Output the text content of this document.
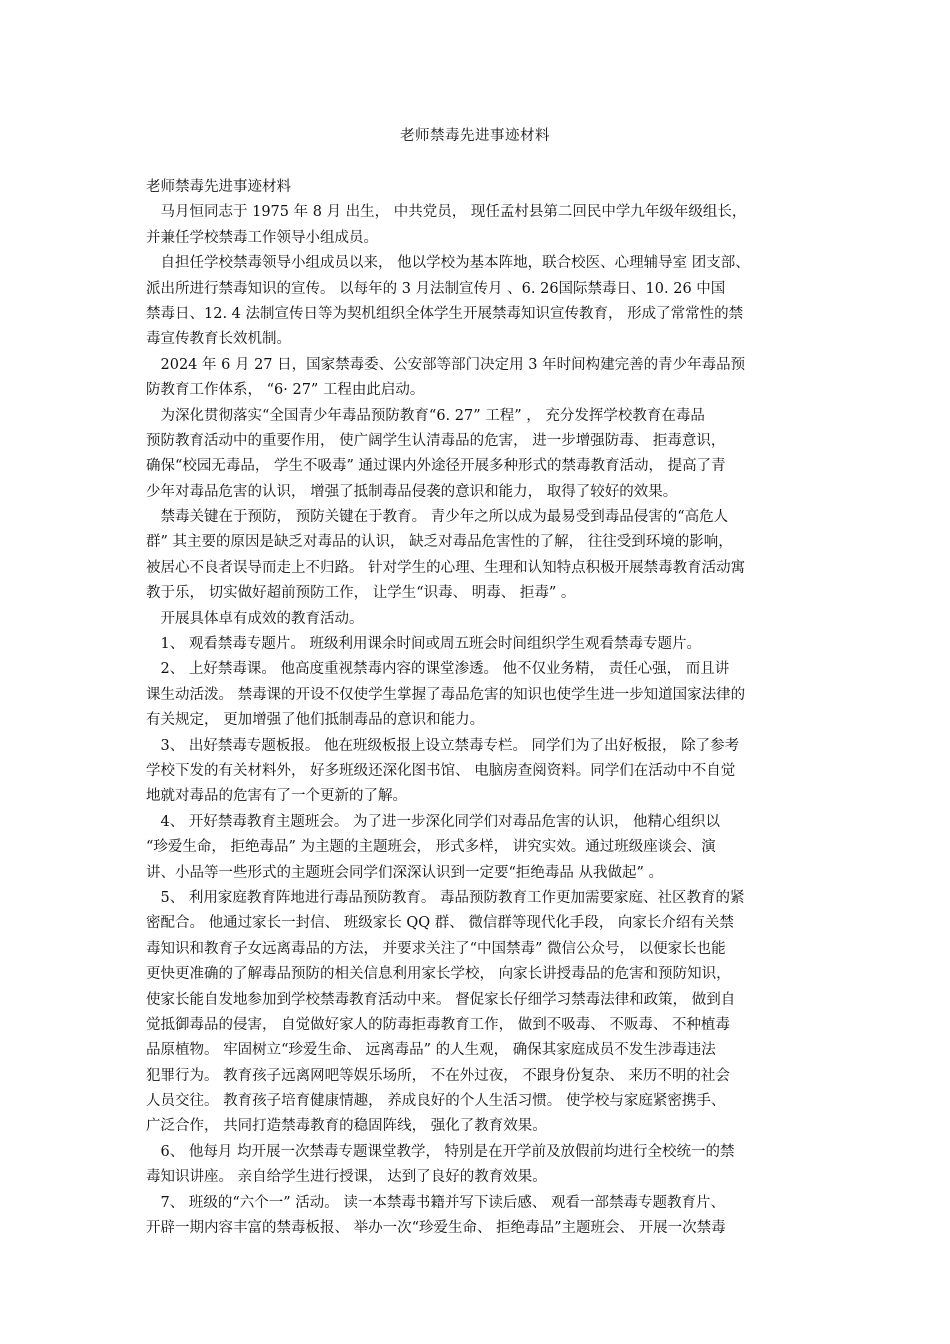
老师禁毒先进事迹材料
老师禁毒先进事迹材料
　马月恒同志于 1975 年 8 月 出生， 中共党员， 现任孟村县第二回民中学九年级年级组长，
并兼任学校禁毒工作领导小组成员。
　自担任学校禁毒领导小组成员以来， 他以学校为基本阵地，联合校医、心理辅导室 团支部、
派出所进行禁毒知识的宣传。 以每年的 3 月法制宣传月 、6. 26国际禁毒日、10. 26 中国
禁毒日、12. 4 法制宣传日等为契机组织全体学生开展禁毒知识宣传教育， 形成了常常性的禁
毒宣传教育长效机制。
　2024 年 6 月 27 日，国家禁毒委、公安部等部门决定用 3 年时间构建完善的青少年毒品预
防教育工作体系， “6· 27” 工程由此启动。
　为深化贯彻落实“全国青少年毒品预防教育“6. 27” 工程” ， 充分发挥学校教育在毒品
预防教育活动中的重要作用， 使广阔学生认清毒品的危害， 进一步增强防毒、 拒毒意识，
确保“校园无毒品， 学生不吸毒” 通过课内外途径开展多种形式的禁毒教育活动， 提高了青
少年对毒品危害的认识， 增强了抵制毒品侵袭的意识和能力， 取得了较好的效果。
　禁毒关键在于预防， 预防关键在于教育。 青少年之所以成为最易受到毒品侵害的“高危人
群” 其主要的原因是缺乏对毒品的认识， 缺乏对毒品危害性的了解， 往往受到环境的影响，
被居心不良者误导而走上不归路。 针对学生的心理、生理和认知特点积极开展禁毒教育活动寓
教于乐， 切实做好超前预防工作， 让学生“识毒、 明毒、 拒毒” 。
　开展具体卓有成效的教育活动。
　1、 观看禁毒专题片。 班级利用课余时间或周五班会时间组织学生观看禁毒专题片。
　2、 上好禁毒课。 他高度重视禁毒内容的课堂渗透。 他不仅业务精， 责任心强， 而且讲
课生动活泼。 禁毒课的开设不仅使学生掌握了毒品危害的知识也使学生进一步知道国家法律的
有关规定， 更加增强了他们抵制毒品的意识和能力。
　3、 出好禁毒专题板报。 他在班级板报上设立禁毒专栏。 同学们为了出好板报， 除了参考
学校下发的有关材料外， 好多班级还深化图书馆、 电脑房查阅资料。同学们在活动中不自觉
地就对毒品的危害有了一个更新的了解。
　4、 开好禁毒教育主题班会。 为了进一步深化同学们对毒品危害的认识， 他精心组织以
“珍爱生命， 拒绝毒品” 为主题的主题班会， 形式多样， 讲究实效。通过班级座谈会、演
讲、小品等一些形式的主题班会同学们深深认识到一定要“拒绝毒品 从我做起” 。
　5、 利用家庭教育阵地进行毒品预防教育。 毒品预防教育工作更加需要家庭、社区教育的紧
密配合。 他通过家长一封信、 班级家长 QQ 群、 微信群等现代化手段， 向家长介绍有关禁
毒知识和教育子女远离毒品的方法， 并要求关注了“中国禁毒” 微信公众号， 以便家长也能
更快更准确的了解毒品预防的相关信息利用家长学校， 向家长讲授毒品的危害和预防知识，
使家长能自发地参加到学校禁毒教育活动中来。 督促家长仔细学习禁毒法律和政策， 做到自
觉抵御毒品的侵害， 自觉做好家人的防毒拒毒教育工作， 做到不吸毒、 不贩毒、 不种植毒
品原植物。 牢固树立“珍爱生命、 远离毒品” 的人生观， 确保其家庭成员不发生涉毒违法
犯罪行为。 教育孩子远离网吧等娱乐场所， 不在外过夜， 不跟身份复杂、 来历不明的社会
人员交往。 教育孩子培育健康情趣， 养成良好的个人生活习惯。 使学校与家庭紧密携手、
广泛合作， 共同打造禁毒教育的稳固阵线， 强化了教育效果。
　6、 他每月 均开展一次禁毒专题课堂教学， 特别是在开学前及放假前均进行全校统一的禁
毒知识讲座。 亲自给学生进行授课， 达到了良好的教育效果。
　7、 班级的“六个一” 活动。 读一本禁毒书籍并写下读后感、 观看一部禁毒专题教育片、
开辟一期内容丰富的禁毒板报、 举办一次“珍爱生命、 拒绝毒品”主题班会、 开展一次禁毒
